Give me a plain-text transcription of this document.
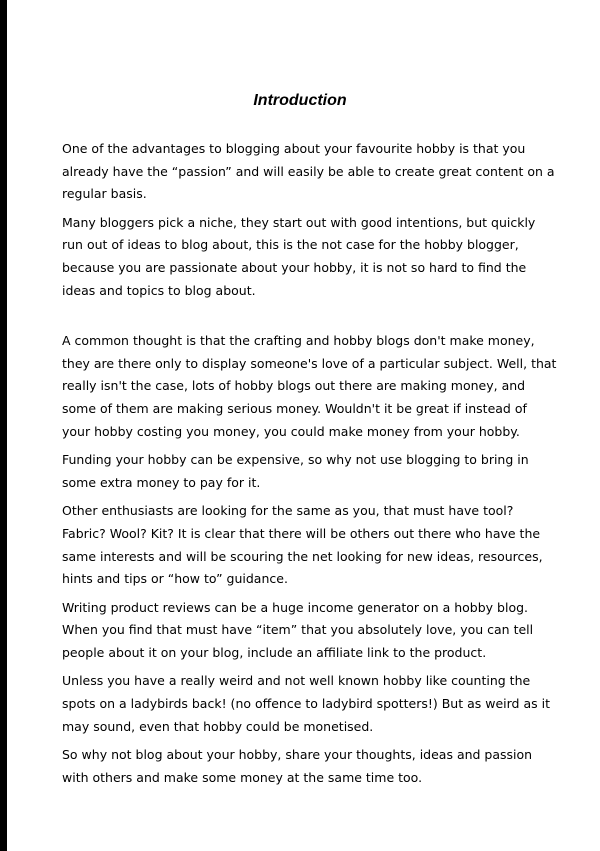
Introduction

One of the advantages to blogging about your favourite hobby is that you already have the “passion” and will easily be able to create great content on a regular basis.

Many bloggers pick a niche, they start out with good intentions, but quickly run out of ideas to blog about, this is the not case for the hobby blogger, because you are passionate about your hobby, it is not so hard to find the ideas and topics to blog about.

A common thought is that the crafting and hobby blogs don't make money, they are there only to display someone's love of a particular subject. Well, that really isn't the case, lots of hobby blogs out there are making money, and some of them are making serious money. Wouldn't it be great if instead of your hobby costing you money, you could make money from your hobby.

Funding your hobby can be expensive, so why not use blogging to bring in some extra money to pay for it.

Other enthusiasts are looking for the same as you, that must have tool? Fabric? Wool? Kit? It is clear that there will be others out there who have the same interests and will be scouring the net looking for new ideas, resources, hints and tips or “how to” guidance.

Writing product reviews can be a huge income generator on a hobby blog. When you find that must have “item” that you absolutely love, you can tell people about it on your blog, include an affiliate link to the product.

Unless you have a really weird and not well known hobby like counting the spots on a ladybirds back! (no offence to ladybird spotters!) But as weird as it may sound, even that hobby could be monetised.

So why not blog about your hobby, share your thoughts, ideas and passion with others and make some money at the same time too.
